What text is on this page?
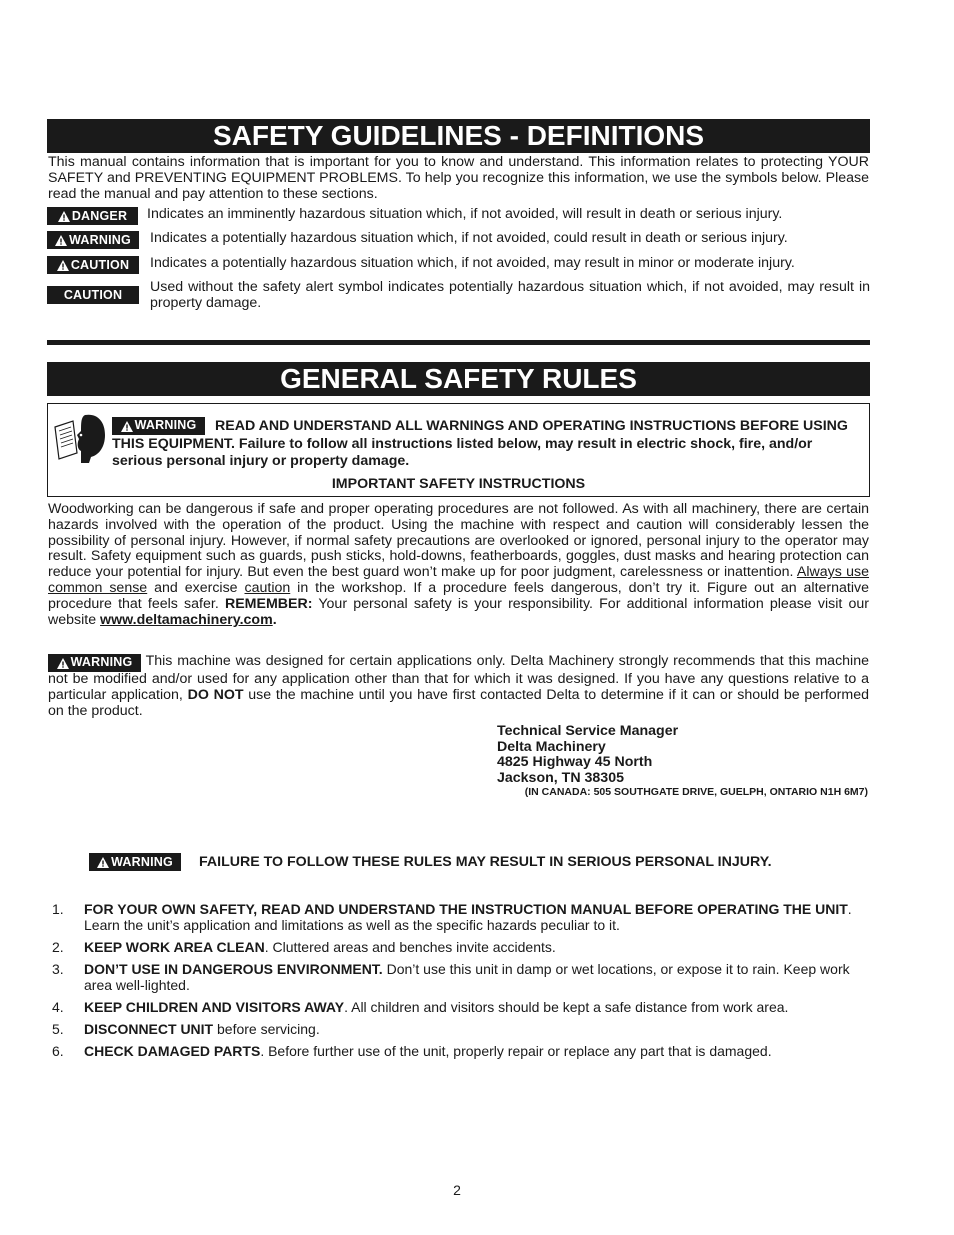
SAFETY GUIDELINES - DEFINITIONS

This manual contains information that is important for you to know and understand. This information relates to protecting YOUR SAFETY and PREVENTING EQUIPMENT PROBLEMS. To help you recognize this information, we use the symbols below. Please read the manual and pay attention to these sections.

DANGER Indicates an imminently hazardous situation which, if not avoided, will result in death or serious injury.
WARNING Indicates a potentially hazardous situation which, if not avoided, could result in death or serious injury.
CAUTION Indicates a potentially hazardous situation which, if not avoided, may result in minor or moderate injury.
CAUTION Used without the safety alert symbol indicates potentially hazardous situation which, if not avoided, may result in property damage.
GENERAL SAFETY RULES
WARNING READ AND UNDERSTAND ALL WARNINGS AND OPERATING INSTRUCTIONS BEFORE USING THIS EQUIPMENT. Failure to follow all instructions listed below, may result in electric shock, fire, and/or serious personal injury or property damage.
IMPORTANT SAFETY INSTRUCTIONS

Woodworking can be dangerous if safe and proper operating procedures are not followed. As with all machinery, there are certain hazards involved with the operation of the product. Using the machine with respect and caution will considerably lessen the possibility of personal injury. However, if normal safety precautions are overlooked or ignored, personal injury to the operator may result. Safety equipment such as guards, push sticks, hold-downs, featherboards, goggles, dust masks and hearing protection can reduce your potential for injury. But even the best guard won’t make up for poor judgment, carelessness or inattention. Always use common sense and exercise caution in the workshop. If a procedure feels dangerous, don’t try it. Figure out an alternative procedure that feels safer. REMEMBER: Your personal safety is your responsibility. For additional information please visit our website www.deltamachinery.com.

WARNING This machine was designed for certain applications only. Delta Machinery strongly recommends that this machine not be modified and/or used for any application other than that for which it was designed. If you have any questions relative to a particular application, DO NOT use the machine until you have first contacted Delta to determine if it can or should be performed on the product.

Technical Service Manager
Delta Machinery
4825 Highway 45 North
Jackson, TN 38305
(IN CANADA: 505 SOUTHGATE DRIVE, GUELPH, ONTARIO N1H 6M7)
WARNING FAILURE TO FOLLOW THESE RULES MAY RESULT IN SERIOUS PERSONAL INJURY.
1.	FOR YOUR OWN SAFETY, READ AND UNDERSTAND THE INSTRUCTION MANUAL BEFORE OPERATING THE UNIT. Learn the unit’s application and limitations as well as the specific hazards peculiar to it.
2.	KEEP WORK AREA CLEAN. Cluttered areas and benches invite accidents.
3.	DON’T USE IN DANGEROUS ENVIRONMENT. Don’t use this unit in damp or wet locations, or expose it to rain. Keep work area well-lighted.
4.	KEEP CHILDREN AND VISITORS AWAY. All children and visitors should be kept a safe distance from work area.
5.	DISCONNECT UNIT before servicing.
6.	CHECK DAMAGED PARTS. Before further use of the unit, properly repair or replace any part that is damaged.
2
